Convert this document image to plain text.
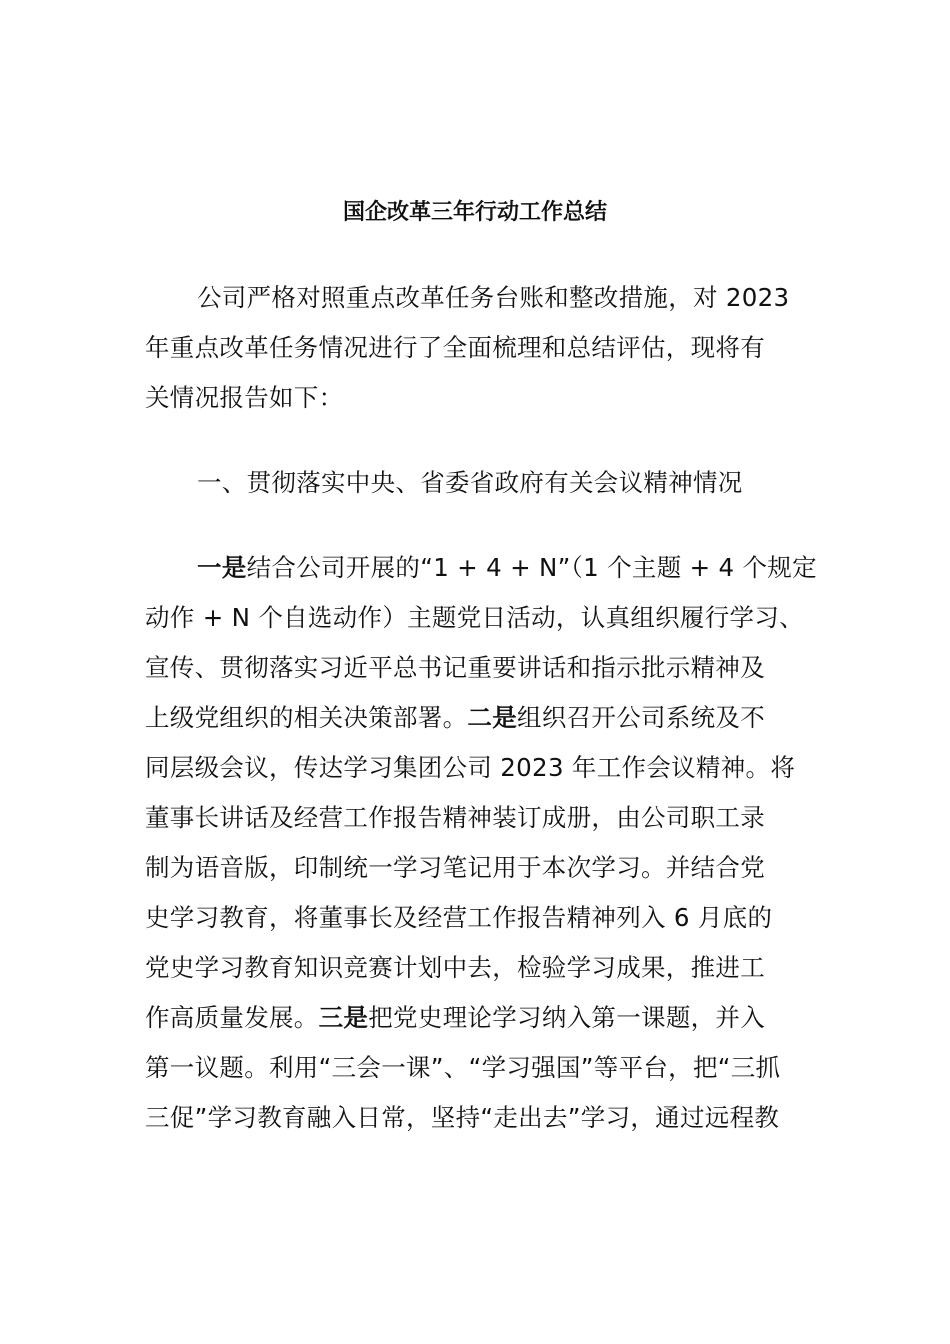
国企改革三年行动工作总结
公司严格对照重点改革任务台账和整改措施，对 2023
年重点改革任务情况进行了全面梳理和总结评估，现将有
关情况报告如下：
一、贯彻落实中央、省委省政府有关会议精神情况
一是结合公司开展的“1 + 4 + N”（1 个主题 + 4 个规定
动作 + N 个自选动作）主题党日活动，认真组织履行学习、
宣传、贯彻落实习近平总书记重要讲话和指示批示精神及
上级党组织的相关决策部署。二是组织召开公司系统及不
同层级会议，传达学习集团公司 2023 年工作会议精神。将
董事长讲话及经营工作报告精神装订成册，由公司职工录
制为语音版，印制统一学习笔记用于本次学习。并结合党
史学习教育，将董事长及经营工作报告精神列入 6 月底的
党史学习教育知识竞赛计划中去，检验学习成果，推进工
作高质量发展。三是把党史理论学习纳入第一课题，并入
第一议题。利用“三会一课”、“学习强国”等平台，把“三抓
三促”学习教育融入日常，坚持“走出去”学习，通过远程教
